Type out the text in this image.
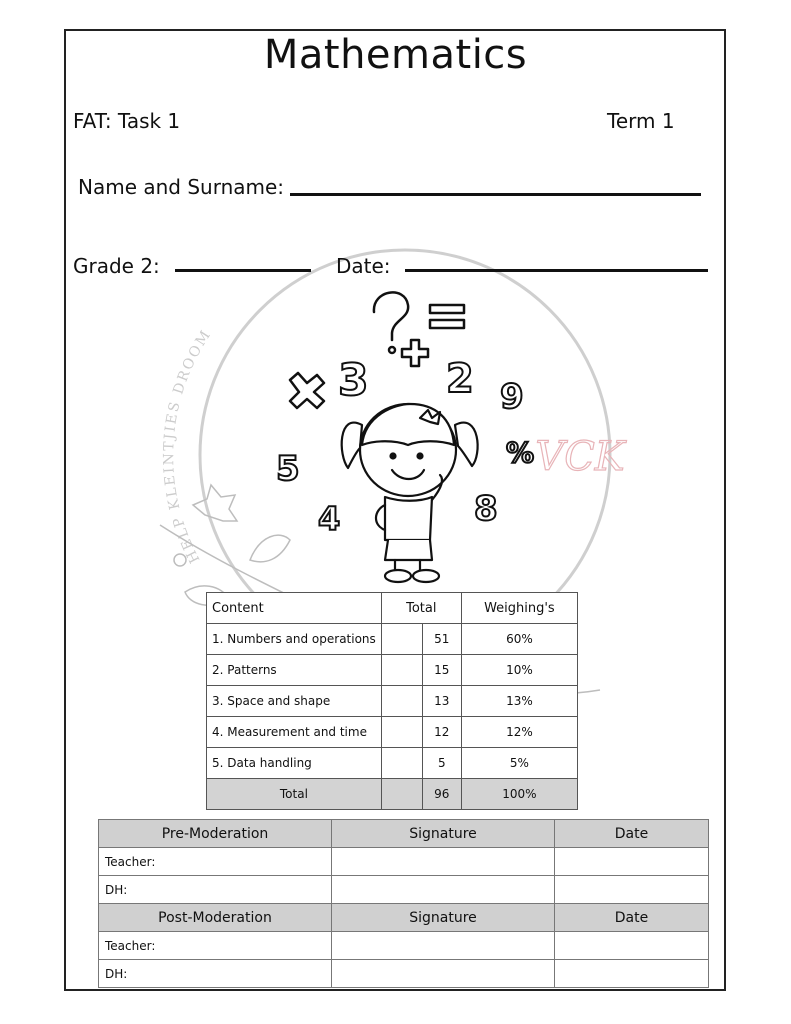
HELP KLEINTJIES DROOM
VCK
3 2 9
%
5
4	8
Mathematics
FAT: Task 1	Term 1
Name and Surname:
Grade 2:	Date:
Content	Total		Weighing's
1. Numbers and operations		51	60%
2. Patterns		15	10%
3. Space and shape		13	13%
4. Measurement and time		12	12%
5. Data handling		5	5%
Total		96	100%
Pre-Moderation	Signature	Date
Teacher:		
DH:		
Post-Moderation	Signature	Date
Teacher:		
DH:		
